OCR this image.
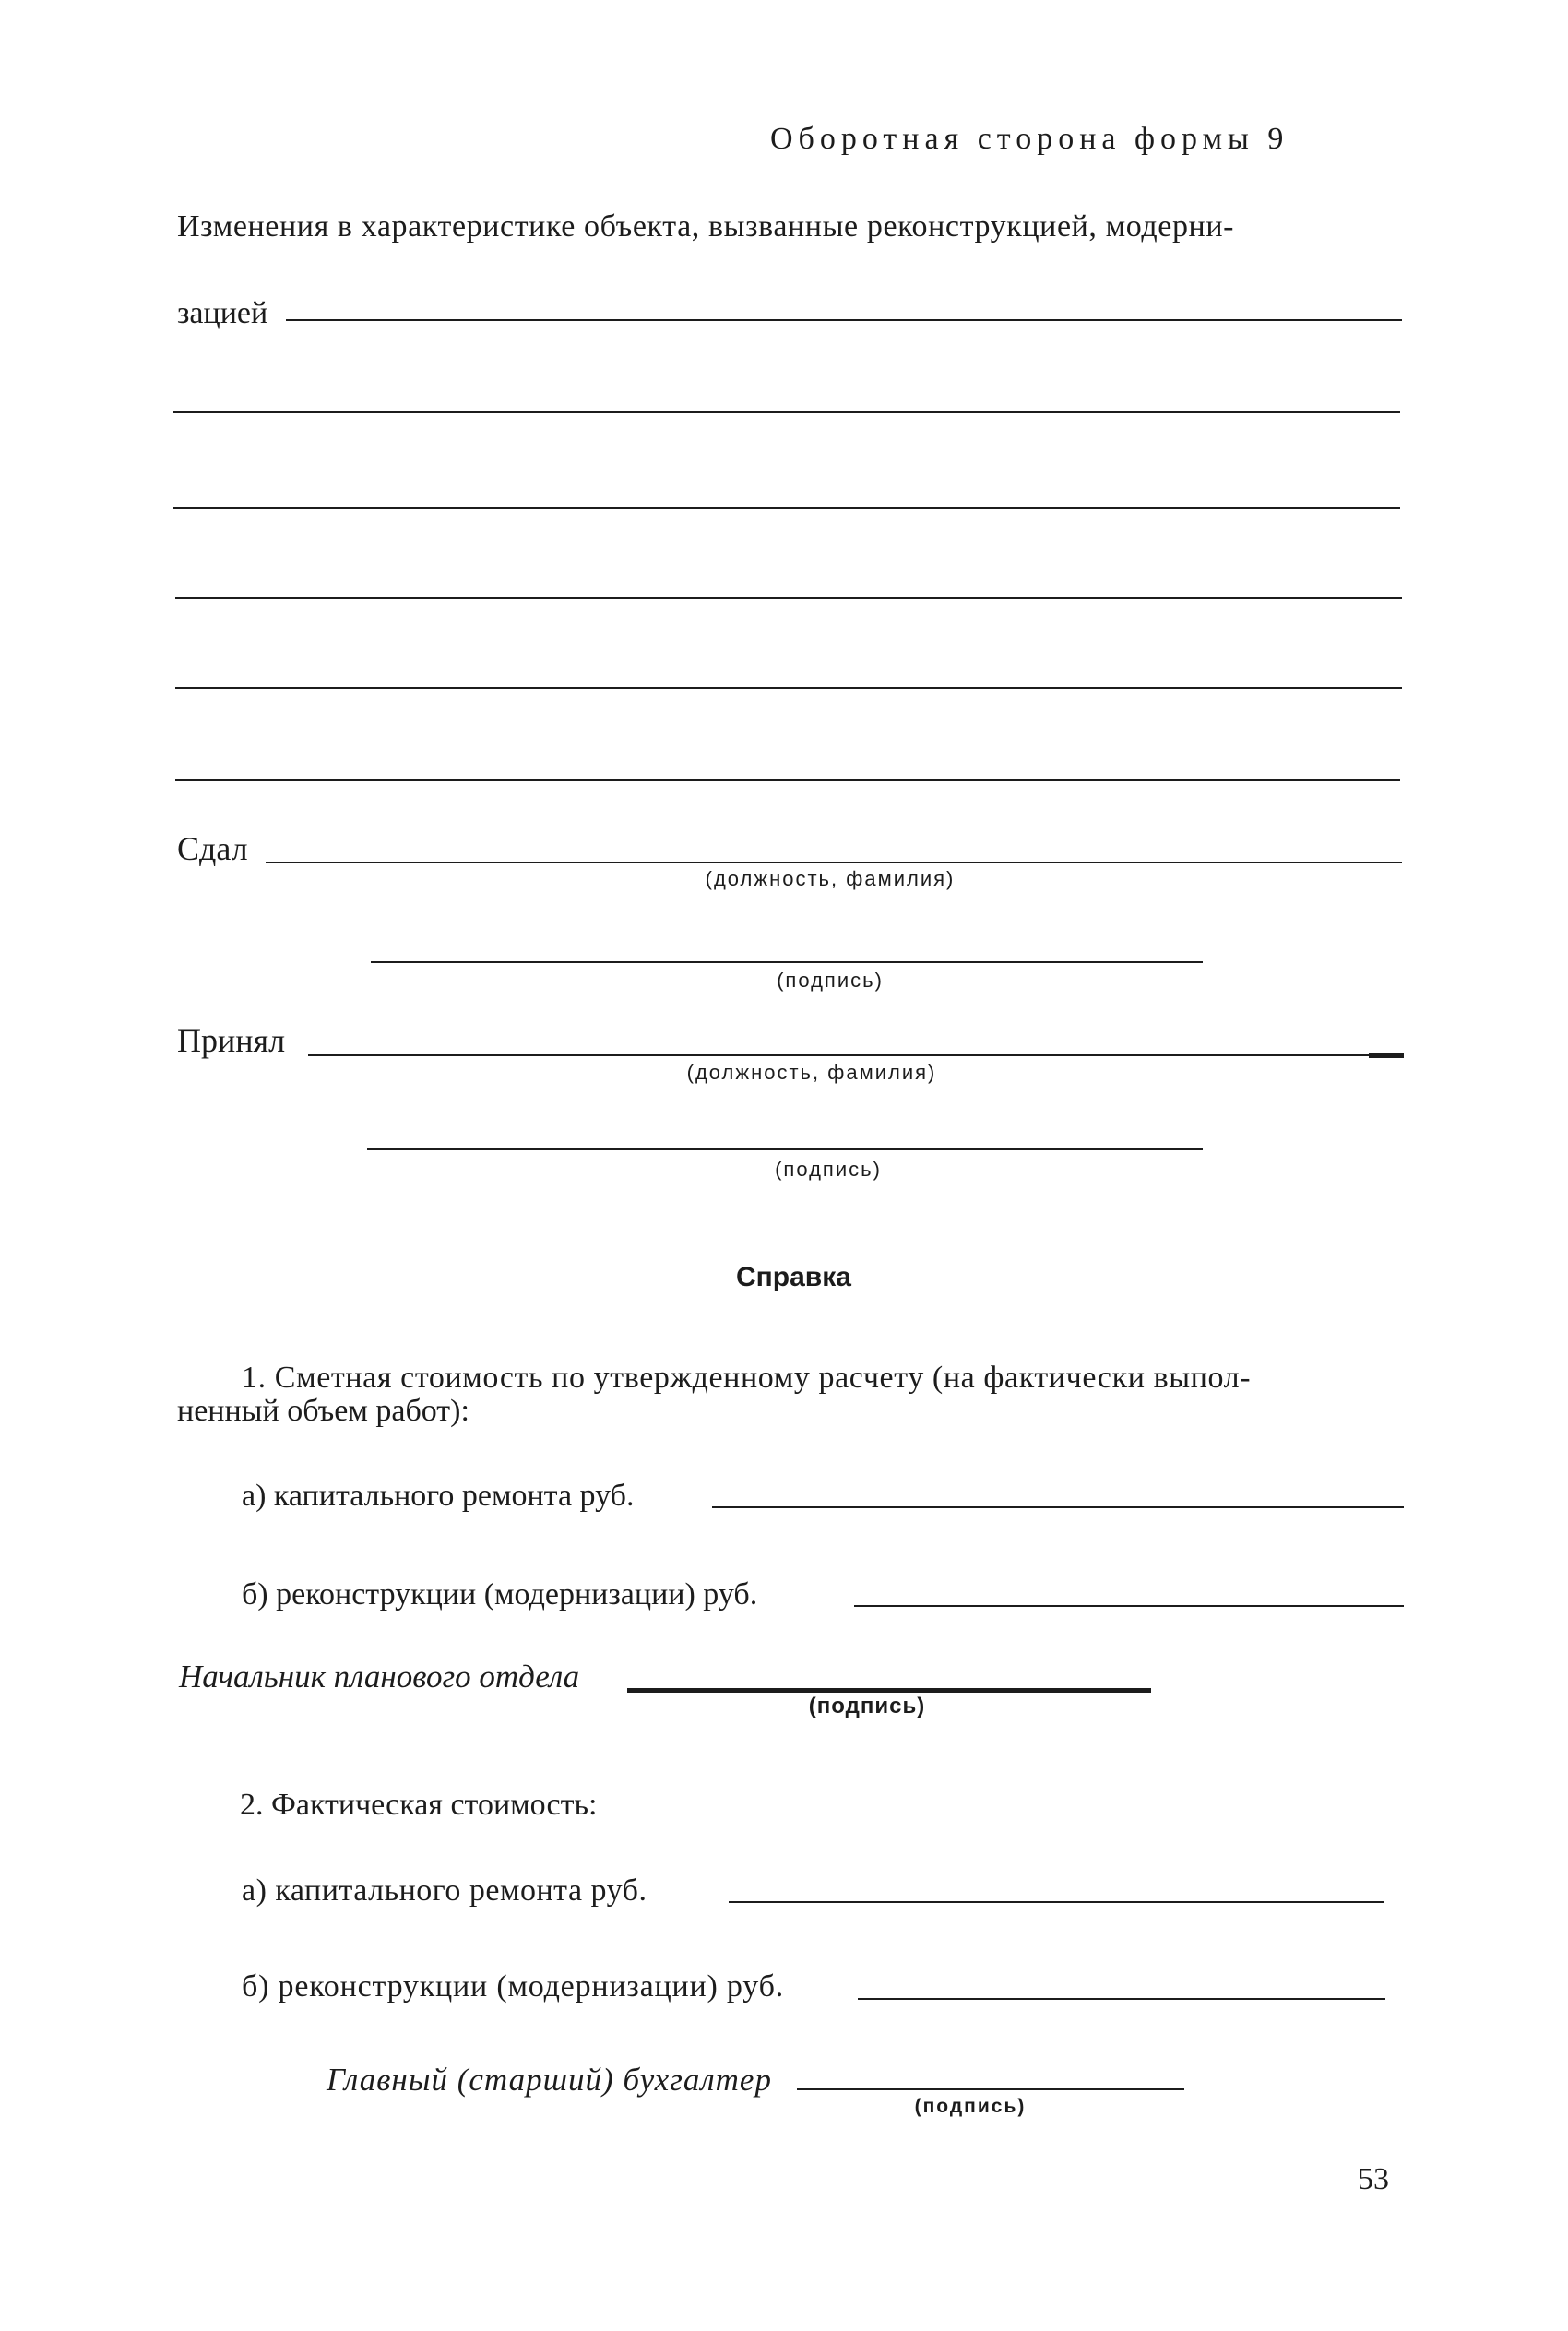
Оборотная сторона формы 9
Изменения в характеристике объекта, вызванные реконструкцией, модерни-
зацией
Сдал
(должность, фамилия)
(подпись)
Принял
(должность, фамилия)
(подпись)
Справка
1. Сметная стоимость по утвержденному расчету (на фактически выпол-
ненный объем работ):
а) капитального ремонта руб.
б) реконструкции (модернизации) руб.
Начальник планового отдела
(подпись)
2. Фактическая стоимость:
а) капитального ремонта руб.
б) реконструкции (модернизации) руб.
Главный (старший) бухгалтер
(подпись)
53
